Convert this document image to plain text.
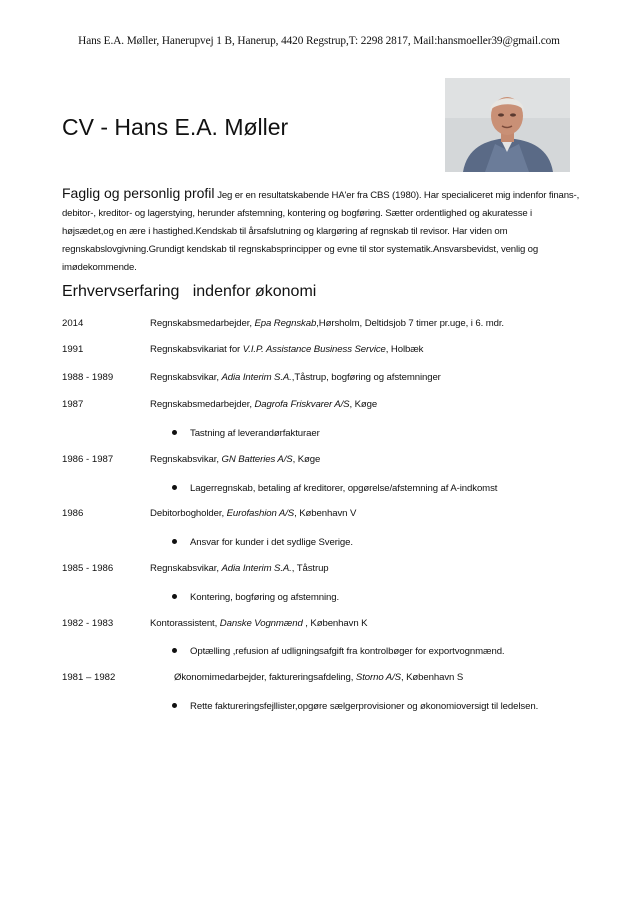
Hans E.A. Møller, Hanerupvej 1 B, Hanerup, 4420 Regstrup,T: 2298 2817, Mail:hansmoeller39@gmail.com
CV - Hans E.A. Møller
Faglig og personlig profil Jeg er en resultatskabende HA'er fra CBS (1980). Har specialiceret mig indenfor finans-, debitor-, kreditor- og lagerstying, herunder afstemning, kontering og bogføring. Sætter ordentlighed og akuratesse i højsædet,og en ære i hastighed.Kendskab til årsafslutning og klargøring af regnskab til revisor. Har viden om regnskabslovgivning.Grundigt kendskab til regnskabsprincipper og evne til stor systematik.Ansvarsbevidst, venlig og imødekommende.
Erhvervserfaring   indenfor økonomi
2014	Regnskabsmedarbejder, Epa Regnskab,Hørsholm, Deltidsjob 7 timer pr.uge, i 6. mdr.
1991	Regnskabsvikariat for V.I.P. Assistance Business Service, Holbæk
1988 - 1989	Regnskabsvikar, Adia Interim S.A.,Tåstrup, bogføring og afstemninger
1987	Regnskabsmedarbejder, Dagrofa Friskvarer A/S, Køge
Tastning af leverandørfakturaer
1986 - 1987	Regnskabsvikar, GN Batteries A/S, Køge
Lagerregnskab, betaling af kreditorer, opgørelse/afstemning af A-indkomst
1986	Debitorbogholder, Eurofashion A/S, København V
Ansvar for kunder i det sydlige Sverige.
1985 - 1986	Regnskabsvikar, Adia Interim S.A., Tåstrup
Kontering, bogføring og afstemning.
1982 - 1983	Kontorassistent, Danske Vognmænd , København K
Optælling ,refusion af udligningsafgift fra kontrolbøger for exportvognmænd.
1981 – 1982	Økonomimedarbejder, faktureringsafdeling, Storno A/S, København S
Rette faktureringsfejllister,opgøre sælgerprovisioner og økonomioversigt til ledelsen.
